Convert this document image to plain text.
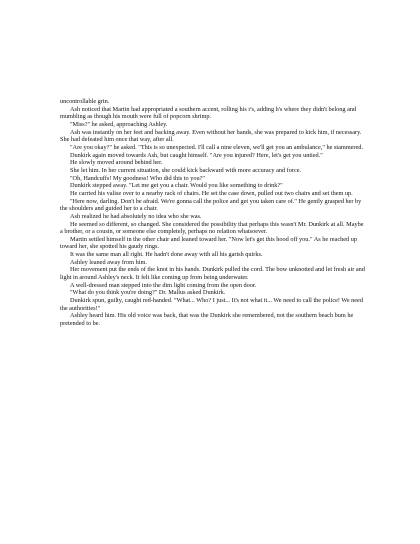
uncontrollable grin.

Ash noticed that Martin had appropriated a southern accent, rolling his r's, adding h's where they didn't belong and mumbling as though his mouth were full of popcorn shrimp.

"Miss?" he asked, approaching Ashley.

Ash was instantly on her feet and backing away. Even without her hands, she was prepared to kick him, if necessary. She had defeated him once that way, after all.

"Are you okay?" he asked. "This is so unexpected. I'll call a nine eleven, we'll get you an ambulance," he stammered.

Dunkirk again moved towards Ash, but caught himself. "Are you injured? Here, let's get you untied."

He slowly moved around behind her.

She let him. In her current situation, she could kick backward with more accuracy and force.

"Oh, Handcuffs! My goodness! Who did this to you?"

Dunkirk stepped away. "Let me get you a chair. Would you like something to drink?"

He carried his valise over to a nearby rack of chairs. He set the case down, pulled out two chairs and set them up.

"Here now, darling. Don't be afraid. We're gonna call the police and get you taken care of." He gently grasped her by the shoulders and guided her to a chair.

Ash realized he had absolutely no idea who she was.

He seemed so different, so changed. She considered the possibility that perhaps this wasn't Mr. Dunkirk at all. Maybe a brother, or a cousin, or someone else completely, perhaps no relation whatsoever.

Martin settled himself in the other chair and leaned toward her. "Now let's get this hood off you." As he reached up toward her, she spotted his gaudy rings.

It was the same man all right. He hadn't done away with all his garish quirks.

Ashley leaned away from him.

Her movement put the ends of the knot in his hands. Dunkirk pulled the cord. The bow unknotted and let fresh air and light in around Ashley's neck. It felt like coming up from being underwater.

A well-dressed man stepped into the dim light coming from the open door.

"What do you think you're doing?" Dr. Mallus asked Dunkirk.

Dunkirk spun, guilty, caught red-handed. "What... Who? I just... It's not what it... We need to call the police! We need the authorities!"

Ashley heard him. His old voice was back, that was the Dunkirk she remembered, not the southern beach bum he pretended to be.
